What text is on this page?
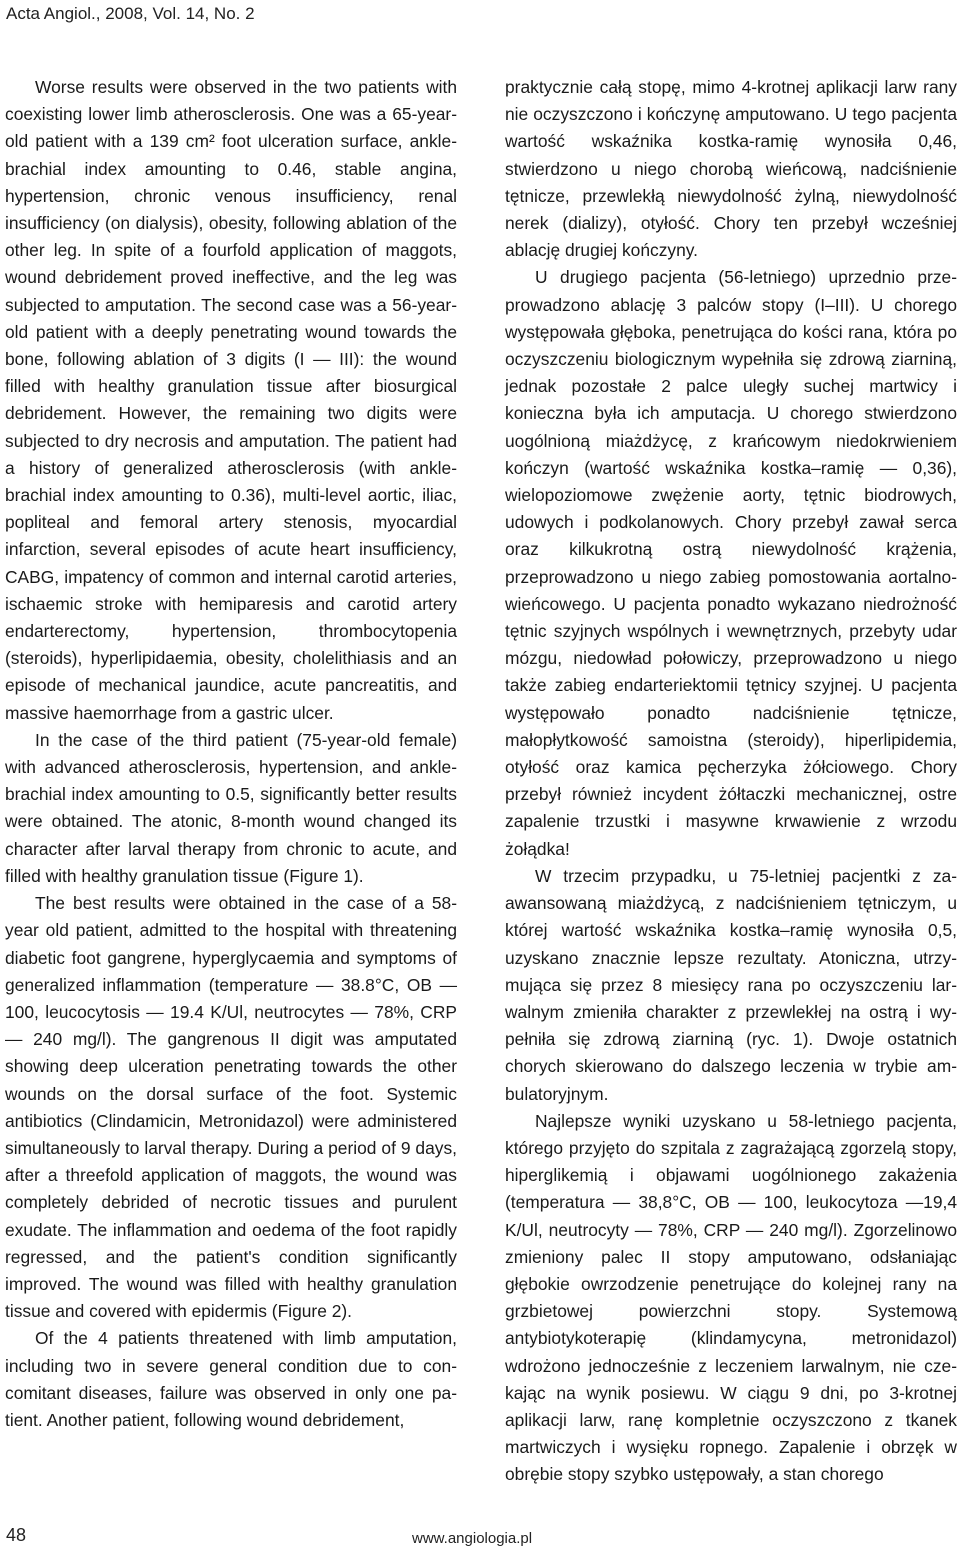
Acta Angiol., 2008, Vol. 14, No. 2

Worse results were observed in the two patients with coexisting lower limb atherosclerosis. One was a 65-year-old patient with a 139 cm² foot ulceration surface, ankle-brachial index amounting to 0.46, stable angina, hypertension, chronic venous insufficiency, renal insufficiency (on dialysis), obesity, following ablation of the other leg. In spite of a fourfold application of maggots, wound debridement proved ineffective, and the leg was subjected to amputation. The second case was a 56-year-old patient with a deeply penetrating wound towards the bone, following ablation of 3 digits (I — III): the wound filled with healthy granulation tissue after biosurgical debridement. However, the remaining two digits were subjected to dry necrosis and amputation. The patient had a history of generalized atherosclerosis (with ankle-brachial index amounting to 0.36), multi-level aortic, iliac, popliteal and femoral artery stenosis, myocardial infarction, several episodes of acute heart insufficiency, CABG, impatency of common and internal carotid arteries, ischaemic stroke with hemiparesis and carotid artery endarterectomy, hypertension, thrombocytopenia (steroids), hyperlipidaemia, obesity, cholelithiasis and an episode of mechanical jaundice, acute pancreatitis, and massive haemorrhage from a gastric ulcer.

In the case of the third patient (75-year-old female) with advanced atherosclerosis, hypertension, and ankle-brachial index amounting to 0.5, significantly better results were obtained. The atonic, 8-month wound changed its character after larval therapy from chronic to acute, and filled with healthy granulation tissue (Figure 1).

The best results were obtained in the case of a 58-year old patient, admitted to the hospital with threatening diabetic foot gangrene, hyperglycaemia and symptoms of generalized inflammation (temperature — 38.8°C, OB — 100, leucocytosis — 19.4 K/Ul, neutrocytes — 78%, CRP — 240 mg/l). The gangrenous II digit was amputated showing deep ulceration penetrating towards the other wounds on the dorsal surface of the foot. Systemic antibiotics (Clindamicin, Metronidazol) were administered simultaneously to larval therapy. During a period of 9 days, after a threefold application of maggots, the wound was completely debrided of necrotic tissues and purulent exudate. The inflammation and oedema of the foot rapidly regressed, and the patient's condition significantly improved. The wound was filled with healthy granulation tissue and covered with epidermis (Figure 2).

Of the 4 patients threatened with limb amputation, including two in severe general condition due to concomitant diseases, failure was observed in only one patient. Another patient, following wound debridement,

praktycznie całą stopę, mimo 4-krotnej aplikacji larw rany nie oczyszczono i kończynę amputowano. U tego pacjenta wartość wskaźnika kostka-ramię wynosiła 0,46, stwierdzono u niego chorobą wieńcową, nadciśnienie tętnicze, przewlekłą niewydolność żylną, niewydolność nerek (dializy), otyłość. Chory ten przebył wcześniej ablację drugiej kończyny.

U drugiego pacjenta (56-letniego) uprzednio przeprowadzono ablację 3 palców stopy (I–III). U chorego występowała głęboka, penetrująca do kości rana, która po oczyszczeniu biologicznym wypełniła się zdrową ziarniną, jednak pozostałe 2 palce uległy suchej martwicy i konieczna była ich amputacja. U chorego stwierdzono uogólnioną miażdżycę, z krańcowym niedokrwieniem kończyn (wartość wskaźnika kostka–ramię — 0,36), wielopoziomowe zwężenie aorty, tętnic biodrowych, udowych i podkolanowych. Chory przebył zawał serca oraz kilkukrotną ostrą niewydolność krążenia, przeprowadzono u niego zabieg pomostowania aortalno-wieńcowego. U pacjenta ponadto wykazano niedrożność tętnic szyjnych wspólnych i wewnętrznych, przebyty udar mózgu, niedowład połowiczy, przeprowadzono u niego także zabieg endarteriektomii tętnicy szyjnej. U pacjenta występowało ponadto nadciśnienie tętnicze, małopłytkowość samoistna (steroidy), hiperlipidemia, otyłość oraz kamica pęcherzyka żółciowego. Chory przebył również incydent żółtaczki mechanicznej, ostre zapalenie trzustki i masywne krwawienie z wrzodu żołądka!

W trzecim przypadku, u 75-letniej pacjentki z zaawansowaną miażdżycą, z nadciśnieniem tętniczym, u której wartość wskaźnika kostka–ramię wynosiła 0,5, uzyskano znacznie lepsze rezultaty. Atoniczna, utrzymująca się przez 8 miesięcy rana po oczyszczeniu larwalnym zmieniła charakter z przewlekłej na ostrą i wypełniła się zdrową ziarniną (ryc. 1). Dwoje ostatnich chorych skierowano do dalszego leczenia w trybie ambulatoryjnym.

Najlepsze wyniki uzyskano u 58-letniego pacjenta, którego przyjęto do szpitala z zagrażającą zgorzelą stopy, hiperglikemią i objawami uogólnionego zakażenia (temperatura — 38,8°C, OB — 100, leukocytoza —19,4 K/Ul, neutrocyty — 78%, CRP — 240 mg/l). Zgorzelinowo zmieniony palec II stopy amputowano, odsłaniając głębokie owrzodzenie penetrujące do kolejnej rany na grzbietowej powierzchni stopy. Systemową antybiotykoterapię (klindamycyna, metronidazol) wdrożono jednocześnie z leczeniem larwalnym, nie czekając na wynik posiewu. W ciągu 9 dni, po 3-krotnej aplikacji larw, ranę kompletnie oczyszczono z tkanek martwiczych i wysięku ropnego. Zapalenie i obrzęk w obrębie stopy szybko ustępowały, a stan chorego

48	www.angiologia.pl
